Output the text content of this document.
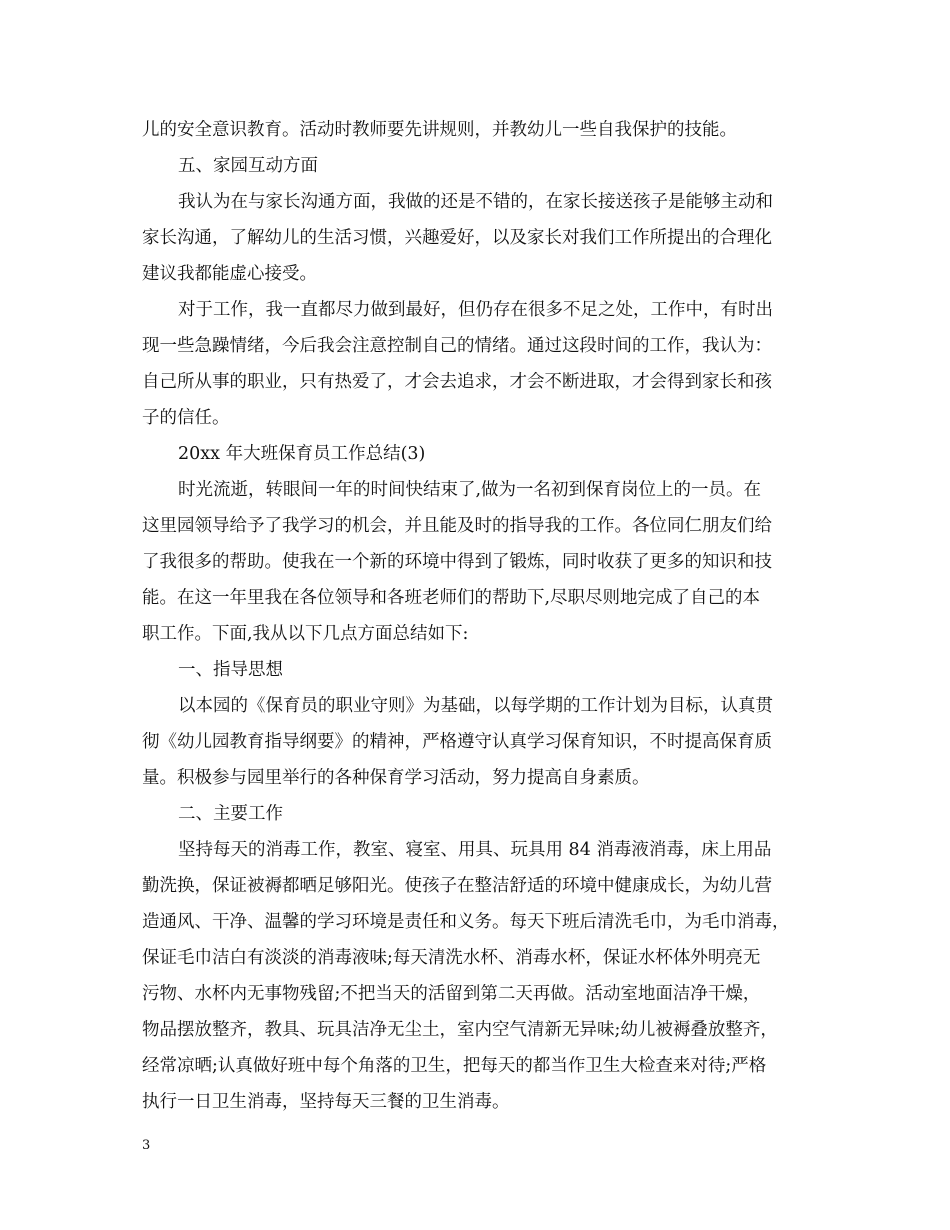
儿的安全意识教育。活动时教师要先讲规则，并教幼儿一些自我保护的技能。
五、家园互动方面
我认为在与家长沟通方面，我做的还是不错的，在家长接送孩子是能够主动和
家长沟通，了解幼儿的生活习惯，兴趣爱好，以及家长对我们工作所提出的合理化
建议我都能虚心接受。
对于工作，我一直都尽力做到最好，但仍存在很多不足之处，工作中，有时出
现一些急躁情绪，今后我会注意控制自己的情绪。通过这段时间的工作，我认为：
自己所从事的职业，只有热爱了，才会去追求，才会不断进取，才会得到家长和孩
子的信任。
20xx 年大班保育员工作总结(3)
时光流逝，转眼间一年的时间快结束了,做为一名初到保育岗位上的一员。在
这里园领导给予了我学习的机会，并且能及时的指导我的工作。各位同仁朋友们给
了我很多的帮助。使我在一个新的环境中得到了锻炼，同时收获了更多的知识和技
能。在这一年里我在各位领导和各班老师们的帮助下,尽职尽则地完成了自己的本
职工作。下面,我从以下几点方面总结如下:
一、指导思想
以本园的《保育员的职业守则》为基础，以每学期的工作计划为目标，认真贯
彻《幼儿园教育指导纲要》的精神，严格遵守认真学习保育知识，不时提高保育质
量。积极参与园里举行的各种保育学习活动，努力提高自身素质。
二、主要工作
坚持每天的消毒工作，教室、寝室、用具、玩具用 84 消毒液消毒，床上用品
勤洗换，保证被褥都晒足够阳光。使孩子在整洁舒适的环境中健康成长，为幼儿营
造通风、干净、温馨的学习环境是责任和义务。每天下班后清洗毛巾，为毛巾消毒，
保证毛巾洁白有淡淡的消毒液味;每天清洗水杯、消毒水杯，保证水杯体外明亮无
污物、水杯内无事物残留;不把当天的活留到第二天再做。活动室地面洁净干燥，
物品摆放整齐，教具、玩具洁净无尘土，室内空气清新无异味;幼儿被褥叠放整齐，
经常凉晒;认真做好班中每个角落的卫生，把每天的都当作卫生大检查来对待;严格
执行一日卫生消毒，坚持每天三餐的卫生消毒。
3
